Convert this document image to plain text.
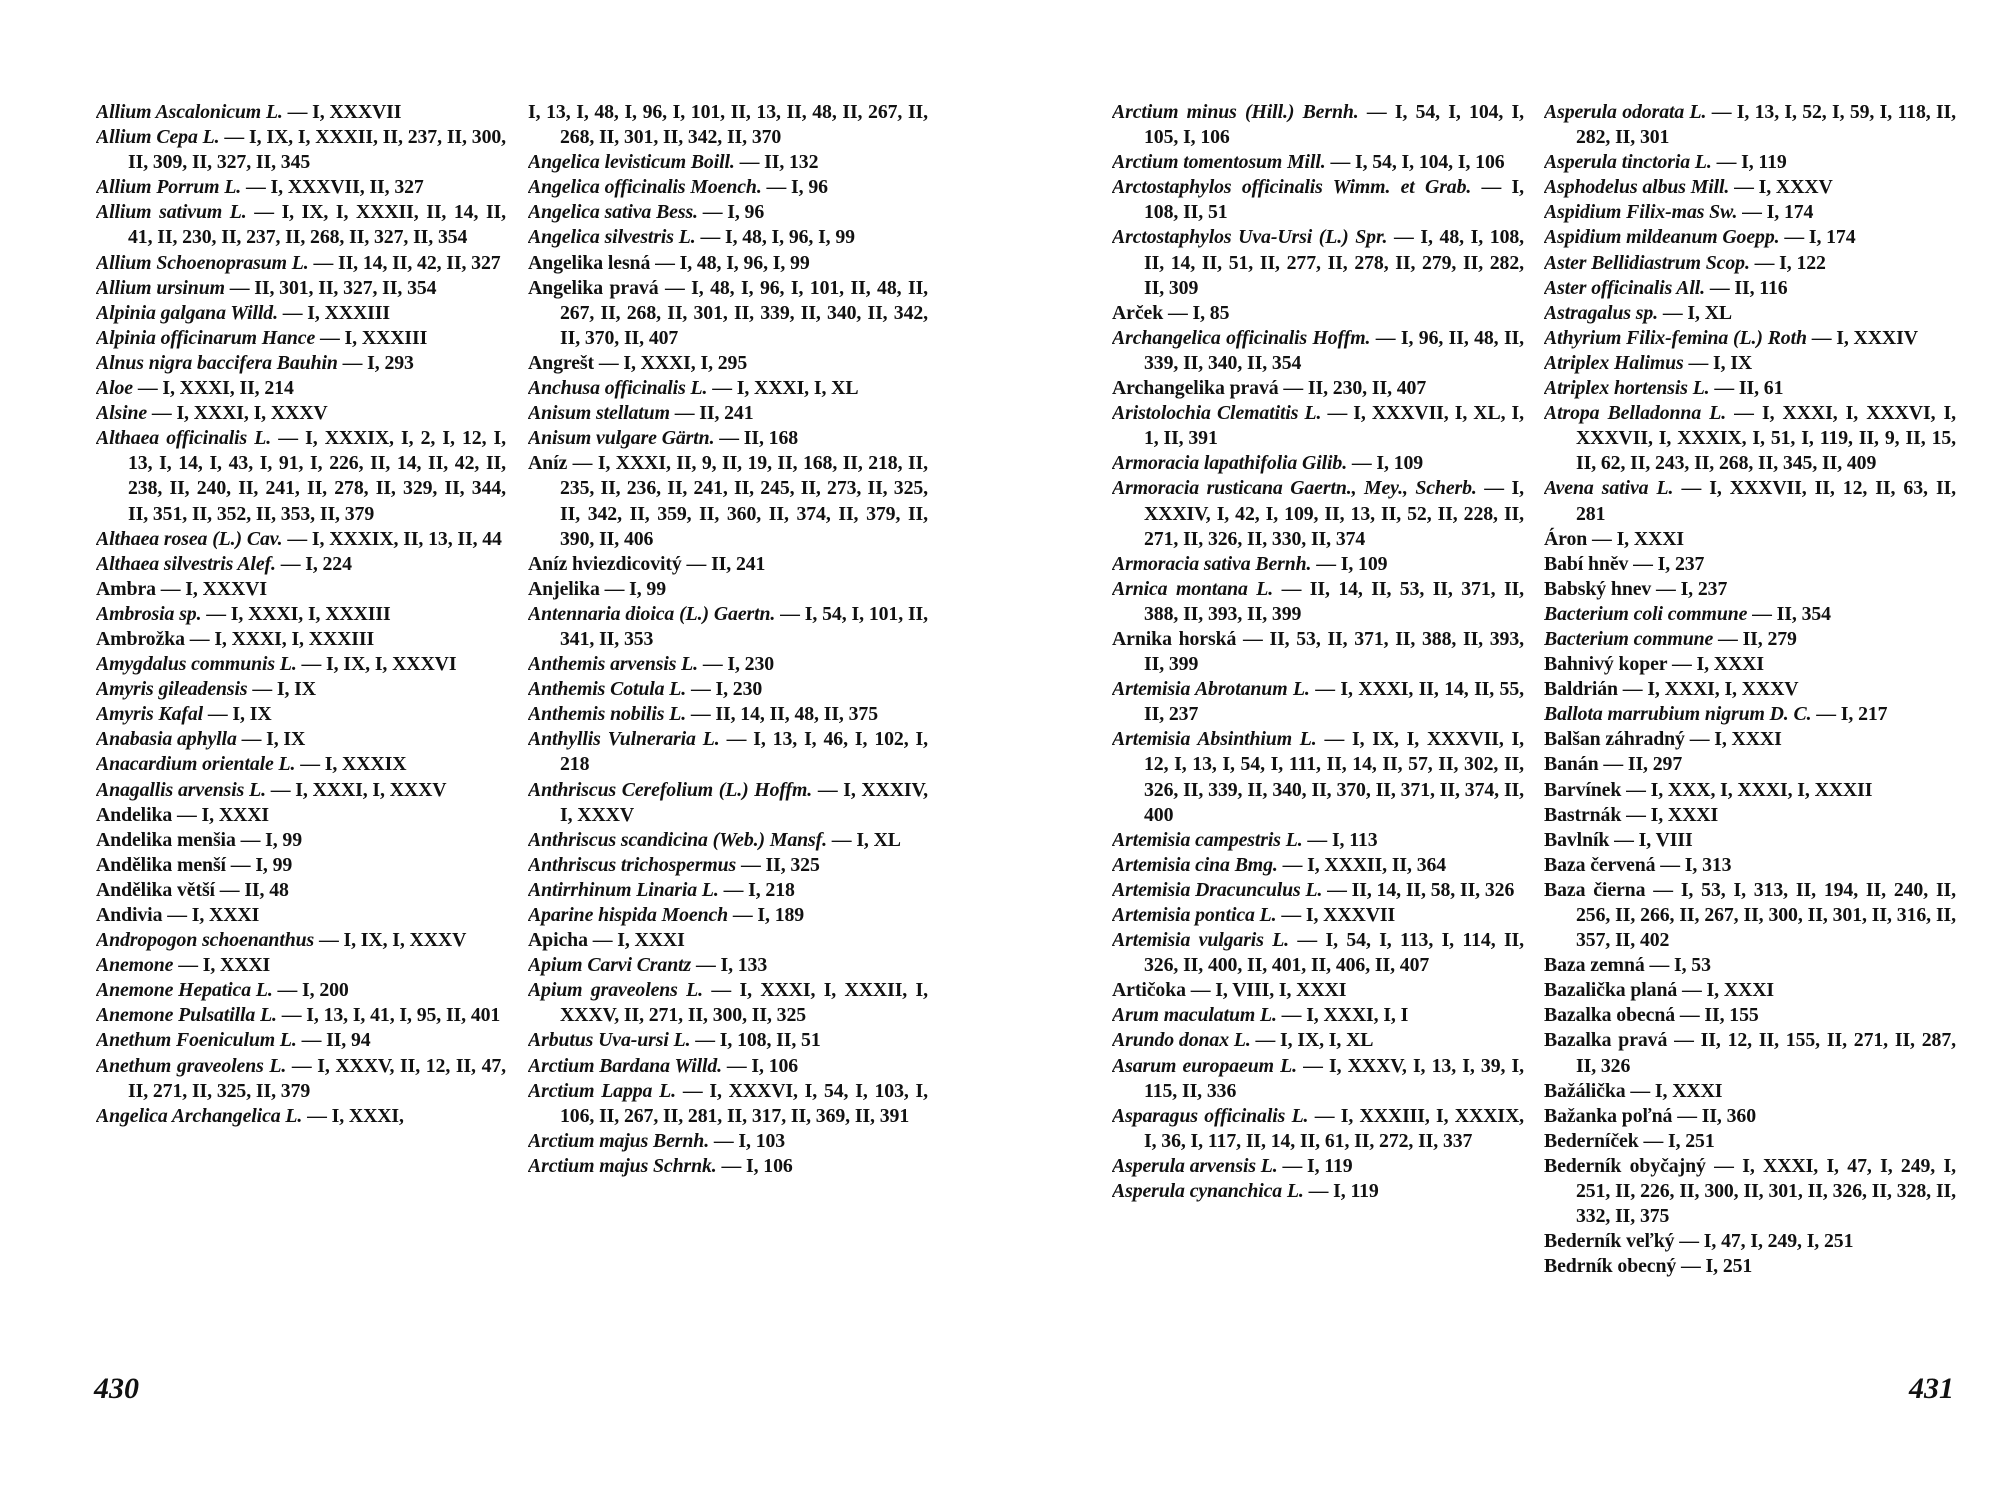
Allium Ascalonicum L. — I, XXXVII

Allium Cepa L. — I, IX, I, XXXII, II, 237, II, 300, II, 309, II, 327, II, 345

Allium Porrum L. — I, XXXVII, II, 327

Allium sativum L. — I, IX, I, XXXII, II, 14, II, 41, II, 230, II, 237, II, 268, II, 327, II, 354

Allium Schoenoprasum L. — II, 14, II, 42, II, 327

Allium ursinum — II, 301, II, 327, II, 354

Alpinia galgana Willd. — I, XXXIII

Alpinia officinarum Hance — I, XXXIII

Alnus nigra baccifera Bauhin — I, 293

Aloe — I, XXXI, II, 214

Alsine — I, XXXI, I, XXXV

Althaea officinalis L. — I, XXXIX, I, 2, I, 12, I, 13, I, 14, I, 43, I, 91, I, 226, II, 14, II, 42, II, 238, II, 240, II, 241, II, 278, II, 329, II, 344, II, 351, II, 352, II, 353, II, 379

Althaea rosea (L.) Cav. — I, XXXIX, II, 13, II, 44

Althaea silvestris Alef. — I, 224

Ambra — I, XXXVI

Ambrosia sp. — I, XXXI, I, XXXIII

Ambrožka — I, XXXI, I, XXXIII

Amygdalus communis L. — I, IX, I, XXXVI

Amyris gileadensis — I, IX

Amyris Kafal — I, IX

Anabasia aphylla — I, IX

Anacardium orientale L. — I, XXXIX

Anagallis arvensis L. — I, XXXI, I, XXXV

Andelika — I, XXXI

Andelika menšia — I, 99

Andělika menší — I, 99

Andělika větší — II, 48

Andivia — I, XXXI

Andropogon schoenanthus — I, IX, I, XXXV

Anemone — I, XXXI

Anemone Hepatica L. — I, 200

Anemone Pulsatilla L. — I, 13, I, 41, I, 95, II, 401

Anethum Foeniculum L. — II, 94

Anethum graveolens L. — I, XXXV, II, 12, II, 47, II, 271, II, 325, II, 379

Angelica Archangelica L. — I, XXXI,

I, 13, I, 48, I, 96, I, 101, II, 13, II, 48, II, 267, II, 268, II, 301, II, 342, II, 370

Angelica levisticum Boill. — II, 132

Angelica officinalis Moench. — I, 96

Angelica sativa Bess. — I, 96

Angelica silvestris L. — I, 48, I, 96, I, 99

Angelika lesná — I, 48, I, 96, I, 99

Angelika pravá — I, 48, I, 96, I, 101, II, 48, II, 267, II, 268, II, 301, II, 339, II, 340, II, 342, II, 370, II, 407

Angrešt — I, XXXI, I, 295

Anchusa officinalis L. — I, XXXI, I, XL

Anisum stellatum — II, 241

Anisum vulgare Gärtn. — II, 168

Aníz — I, XXXI, II, 9, II, 19, II, 168, II, 218, II, 235, II, 236, II, 241, II, 245, II, 273, II, 325, II, 342, II, 359, II, 360, II, 374, II, 379, II, 390, II, 406

Aníz hviezdicovitý — II, 241

Anjelika — I, 99

Antennaria dioica (L.) Gaertn. — I, 54, I, 101, II, 341, II, 353

Anthemis arvensis L. — I, 230

Anthemis Cotula L. — I, 230

Anthemis nobilis L. — II, 14, II, 48, II, 375

Anthyllis Vulneraria L. — I, 13, I, 46, I, 102, I, 218

Anthriscus Cerefolium (L.) Hoffm. — I, XXXIV, I, XXXV

Anthriscus scandicina (Web.) Mansf. — I, XL

Anthriscus trichospermus — II, 325

Antirrhinum Linaria L. — I, 218

Aparine hispida Moench — I, 189

Apicha — I, XXXI

Apium Carvi Crantz — I, 133

Apium graveolens L. — I, XXXI, I, XXXII, I, XXXV, II, 271, II, 300, II, 325

Arbutus Uva-ursi L. — I, 108, II, 51

Arctium Bardana Willd. — I, 106

Arctium Lappa L. — I, XXXVI, I, 54, I, 103, I, 106, II, 267, II, 281, II, 317, II, 369, II, 391

Arctium majus Bernh. — I, 103

Arctium majus Schrnk. — I, 106

430

Arctium minus (Hill.) Bernh. — I, 54, I, 104, I, 105, I, 106

Arctium tomentosum Mill. — I, 54, I, 104, I, 106

Arctostaphylos officinalis Wimm. et Grab. — I, 108, II, 51

Arctostaphylos Uva-Ursi (L.) Spr. — I, 48, I, 108, II, 14, II, 51, II, 277, II, 278, II, 279, II, 282, II, 309

Arček — I, 85

Archangelica officinalis Hoffm. — I, 96, II, 48, II, 339, II, 340, II, 354

Archangelika pravá — II, 230, II, 407

Aristolochia Clematitis L. — I, XXXVII, I, XL, I, 1, II, 391

Armoracia lapathifolia Gilib. — I, 109

Armoracia rusticana Gaertn., Mey., Scherb. — I, XXXIV, I, 42, I, 109, II, 13, II, 52, II, 228, II, 271, II, 326, II, 330, II, 374

Armoracia sativa Bernh. — I, 109

Arnica montana L. — II, 14, II, 53, II, 371, II, 388, II, 393, II, 399

Arnika horská — II, 53, II, 371, II, 388, II, 393, II, 399

Artemisia Abrotanum L. — I, XXXI, II, 14, II, 55, II, 237

Artemisia Absinthium L. — I, IX, I, XXXVII, I, 12, I, 13, I, 54, I, 111, II, 14, II, 57, II, 302, II, 326, II, 339, II, 340, II, 370, II, 371, II, 374, II, 400

Artemisia campestris L. — I, 113

Artemisia cina Bmg. — I, XXXII, II, 364

Artemisia Dracunculus L. — II, 14, II, 58, II, 326

Artemisia pontica L. — I, XXXVII

Artemisia vulgaris L. — I, 54, I, 113, I, 114, II, 326, II, 400, II, 401, II, 406, II, 407

Artičoka — I, VIII, I, XXXI

Arum maculatum L. — I, XXXI, I, I

Arundo donax L. — I, IX, I, XL

Asarum europaeum L. — I, XXXV, I, 13, I, 39, I, 115, II, 336

Asparagus officinalis L. — I, XXXIII, I, XXXIX, I, 36, I, 117, II, 14, II, 61, II, 272, II, 337

Asperula arvensis L. — I, 119

Asperula cynanchica L. — I, 119

Asperula odorata L. — I, 13, I, 52, I, 59, I, 118, II, 282, II, 301

Asperula tinctoria L. — I, 119

Asphodelus albus Mill. — I, XXXV

Aspidium Filix-mas Sw. — I, 174

Aspidium mildeanum Goepp. — I, 174

Aster Bellidiastrum Scop. — I, 122

Aster officinalis All. — II, 116

Astragalus sp. — I, XL

Athyrium Filix-femina (L.) Roth — I, XXXIV

Atriplex Halimus — I, IX

Atriplex hortensis L. — II, 61

Atropa Belladonna L. — I, XXXI, I, XXXVI, I, XXXVII, I, XXXIX, I, 51, I, 119, II, 9, II, 15, II, 62, II, 243, II, 268, II, 345, II, 409

Avena sativa L. — I, XXXVII, II, 12, II, 63, II, 281

Áron — I, XXXI

Babí hněv — I, 237

Babský hnev — I, 237

Bacterium coli commune — II, 354

Bacterium commune — II, 279

Bahnivý koper — I, XXXI

Baldrián — I, XXXI, I, XXXV

Ballota marrubium nigrum D. C. — I, 217

Balšan záhradný — I, XXXI

Banán — II, 297

Barvínek — I, XXX, I, XXXI, I, XXXII

Bastrnák — I, XXXI

Bavlník — I, VIII

Baza červená — I, 313

Baza čierna — I, 53, I, 313, II, 194, II, 240, II, 256, II, 266, II, 267, II, 300, II, 301, II, 316, II, 357, II, 402

Baza zemná — I, 53

Bazalička planá — I, XXXI

Bazalka obecná — II, 155

Bazalka pravá — II, 12, II, 155, II, 271, II, 287, II, 326

Bažálička — I, XXXI

Bažanka poľná — II, 360

Bederníček — I, 251

Bederník obyčajný — I, XXXI, I, 47, I, 249, I, 251, II, 226, II, 300, II, 301, II, 326, II, 328, II, 332, II, 375

Bederník veľký — I, 47, I, 249, I, 251

Bedrník obecný — I, 251

431
